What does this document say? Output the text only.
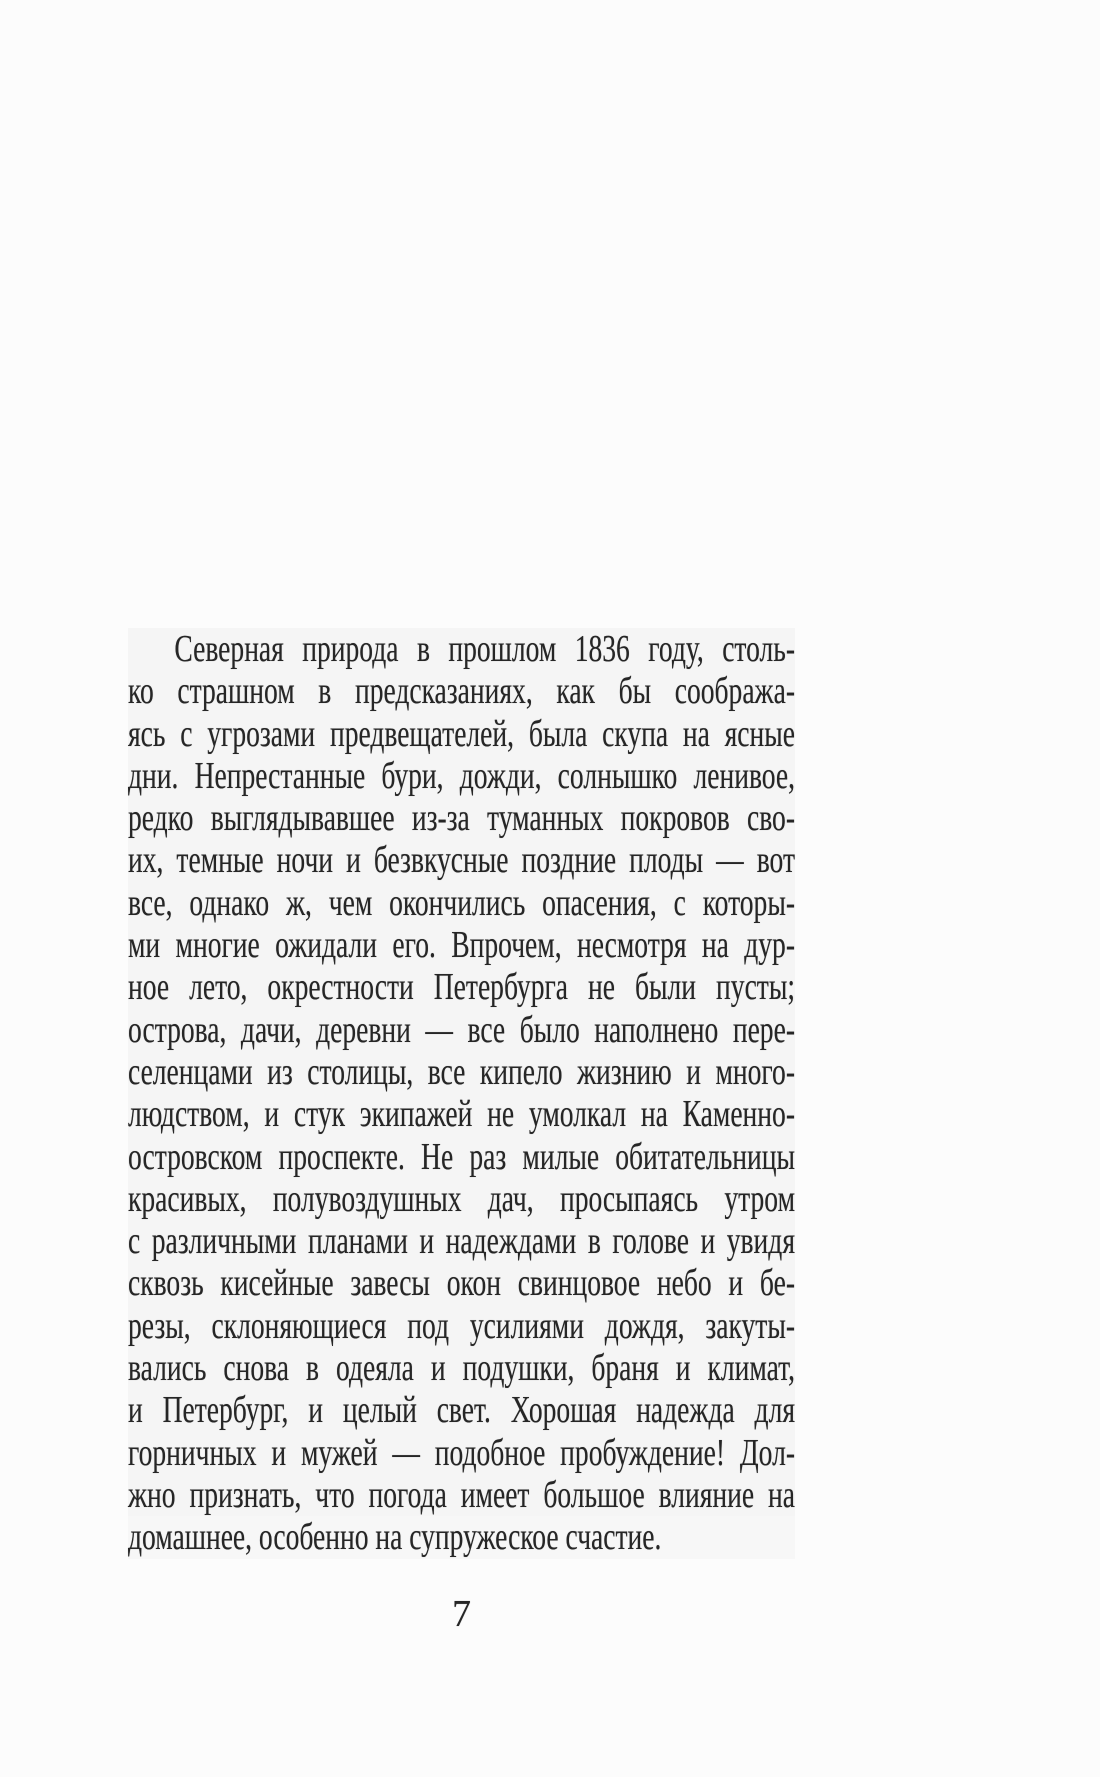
Северная природа в прошлом 1836 году, столь-
ко страшном в предсказаниях, как бы сообража-
ясь с угрозами предвещателей, была скупа на ясные
дни. Непрестанные бури, дожди, солнышко ленивое,
редко выглядывавшее из-за туманных покровов сво-
их, темные ночи и безвкусные поздние плоды — вот
все, однако ж, чем окончились опасения, с которы-
ми многие ожидали его. Впрочем, несмотря на дур-
ное лето, окрестности Петербурга не были пусты;
острова, дачи, деревни — все было наполнено пере-
селенцами из столицы, все кипело жизнию и много-
людством, и стук экипажей не умолкал на Каменно-
островском проспекте. Не раз милые обитательницы
красивых, полувоздушных дач, просыпаясь утром
с различными планами и надеждами в голове и увидя
сквозь кисейные завесы окон свинцовое небо и бе-
резы, склоняющиеся под усилиями дождя, закуты-
вались снова в одеяла и подушки, браня и климат,
и Петербург, и целый свет. Хорошая надежда для
горничных и мужей — подобное пробуждение! Дол-
жно признать, что погода имеет большое влияние на
домашнее, особенно на супружеское счастие.
7
